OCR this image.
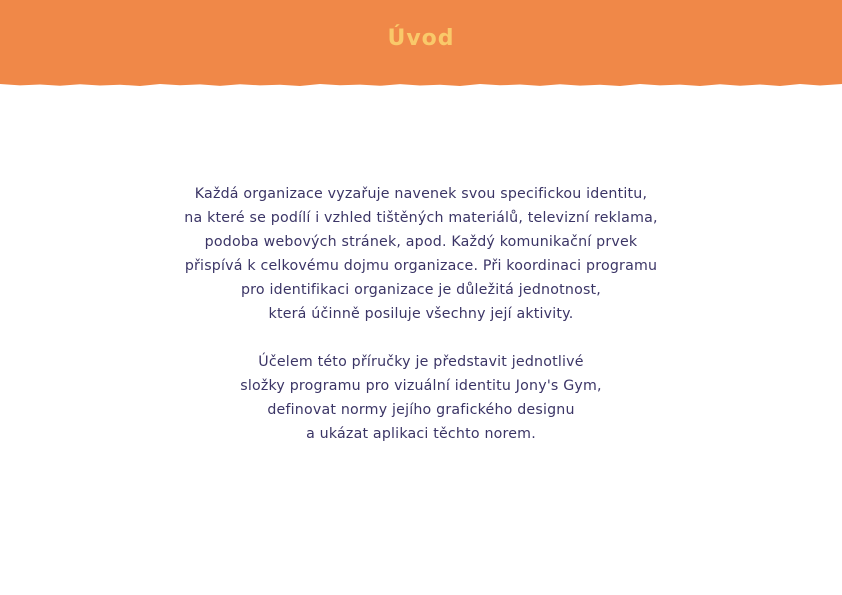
Úvod

Každá organizace vyzařuje navenek svou specifickou identitu,
na které se podílí i vzhled tištěných materiálů, televizní reklama,
podoba webových stránek, apod. Každý komunikační prvek
přispívá k celkovému dojmu organizace. Při koordinaci programu
pro identifikaci organizace je důležitá jednotnost,
která účinně posiluje všechny její aktivity.

Účelem této příručky je představit jednotlivé
složky programu pro vizuální identitu Jony's Gym,
definovat normy jejího grafického designu
a ukázat aplikaci těchto norem.
